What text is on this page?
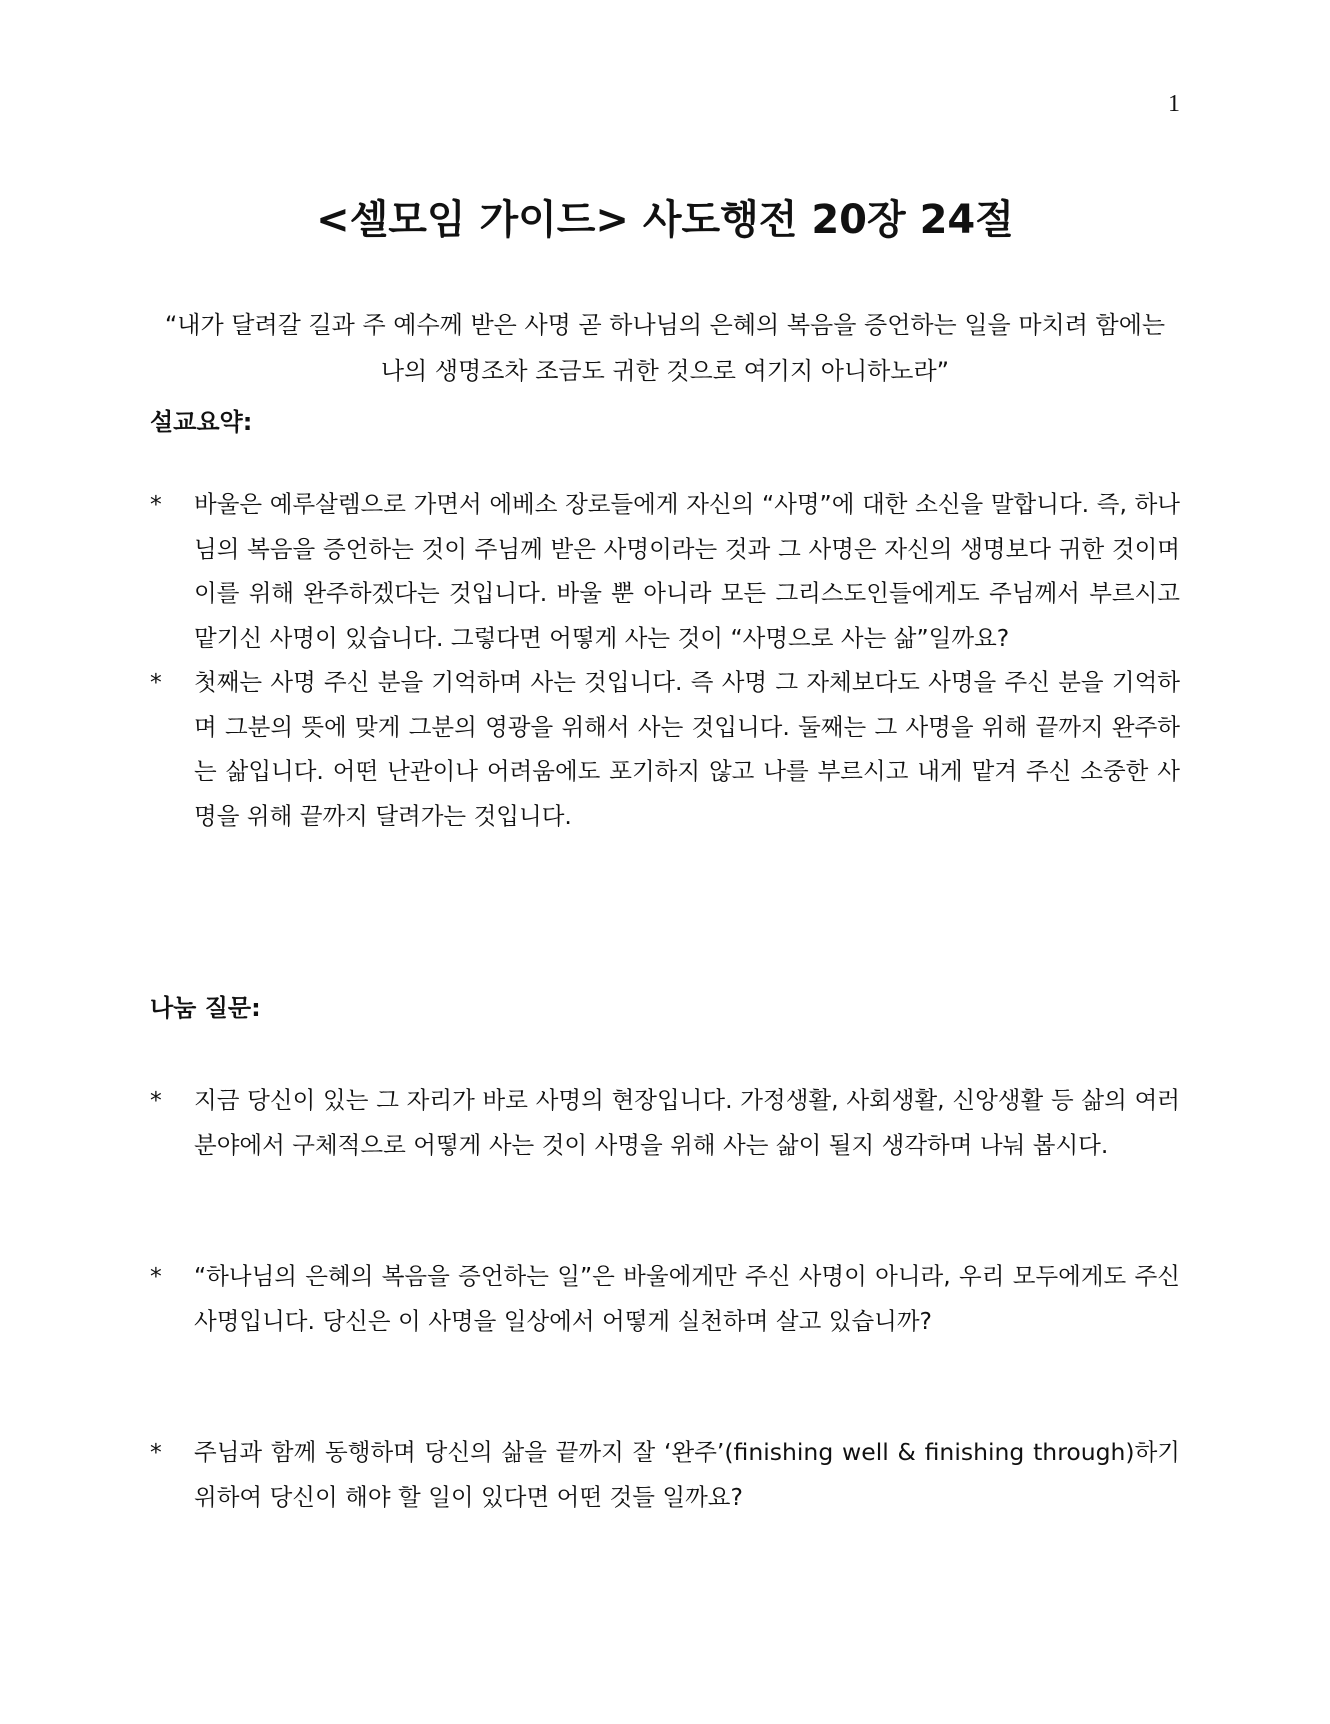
1
<셀모임 가이드> 사도행전 20장 24절

“내가 달려갈 길과 주 예수께 받은 사명 곧 하나님의 은혜의 복음을 증언하는 일을 마치려 함에는 나의 생명조차 조금도 귀한 것으로 여기지 아니하노라”

설교요약:

* 바울은 예루살렘으로 가면서 에베소 장로들에게 자신의 “사명”에 대한 소신을 말합니다. 즉, 하나님의 복음을 증언하는 것이 주님께 받은 사명이라는 것과 그 사명은 자신의 생명보다 귀한 것이며 이를 위해 완주하겠다는 것입니다. 바울 뿐 아니라 모든 그리스도인들에게도 주님께서 부르시고 맡기신 사명이 있습니다. 그렇다면 어떻게 사는 것이 “사명으로 사는 삶”일까요?
* 첫째는 사명 주신 분을 기억하며 사는 것입니다. 즉 사명 그 자체보다도 사명을 주신 분을 기억하며 그분의 뜻에 맞게 그분의 영광을 위해서 사는 것입니다. 둘째는 그 사명을 위해 끝까지 완주하는 삶입니다. 어떤 난관이나 어려움에도 포기하지 않고 나를 부르시고 내게 맡겨 주신 소중한 사명을 위해 끝까지 달려가는 것입니다.

나눔 질문:

* 지금 당신이 있는 그 자리가 바로 사명의 현장입니다. 가정생활, 사회생활, 신앙생활 등 삶의 여러 분야에서 구체적으로 어떻게 사는 것이 사명을 위해 사는 삶이 될지 생각하며 나눠 봅시다.
* “하나님의 은혜의 복음을 증언하는 일”은 바울에게만 주신 사명이 아니라, 우리 모두에게도 주신 사명입니다. 당신은 이 사명을 일상에서 어떻게 실천하며 살고 있습니까?
* 주님과 함께 동행하며 당신의 삶을 끝까지 잘 ‘완주’(finishing well & finishing through)하기 위하여 당신이 해야 할 일이 있다면 어떤 것들 일까요?
